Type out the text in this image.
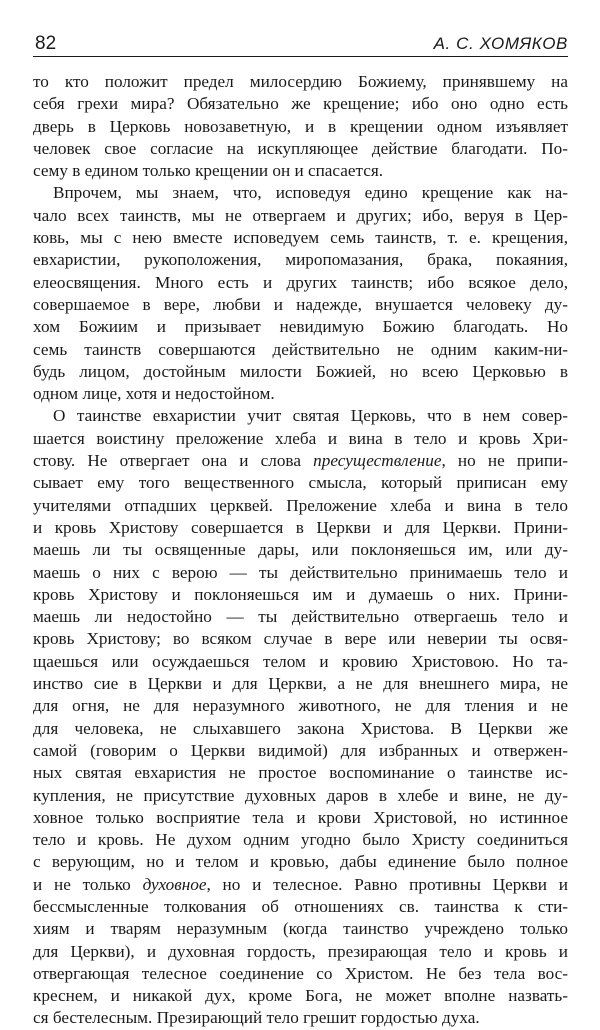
82	А. С. ХОМЯКОВ

то кто положит предел милосердию Божиему, принявшему на
себя грехи мира? Обязательно же крещение; ибо оно одно есть
дверь в Церковь новозаветную, и в крещении одном изъявляет
человек свое согласие на искупляющее действие благодати. По-
сему в едином только крещении он и спасается.

Впрочем, мы знаем, что, исповедуя едино крещение как на-
чало всех таинств, мы не отвергаем и других; ибо, веруя в Цер-
ковь, мы с нею вместе исповедуем семь таинств, т. е. крещения,
евхаристии, рукоположения, миропомазания, брака, покаяния,
елеосвящения. Много есть и других таинств; ибо всякое дело,
совершаемое в вере, любви и надежде, внушается человеку ду-
хом Божиим и призывает невидимую Божию благодать. Но
семь таинств совершаются действительно не одним каким-ни-
будь лицом, достойным милости Божией, но всею Церковью в
одном лице, хотя и недостойном.

О таинстве евхаристии учит святая Церковь, что в нем совер-
шается воистину преложение хлеба и вина в тело и кровь Хри-
стову. Не отвергает она и слова пресуществление, но не припи-
сывает ему того вещественного смысла, который приписан ему
учителями отпадших церквей. Преложение хлеба и вина в тело
и кровь Христову совершается в Церкви и для Церкви. Прини-
маешь ли ты освященные дары, или поклоняешься им, или ду-
маешь о них с верою — ты действительно принимаешь тело и
кровь Христову и поклоняешься им и думаешь о них. Прини-
маешь ли недостойно — ты действительно отвергаешь тело и
кровь Христову; во всяком случае в вере или неверии ты освя-
щаешься или осуждаешься телом и кровию Христовою. Но та-
инство сие в Церкви и для Церкви, а не для внешнего мира, не
для огня, не для неразумного животного, не для тления и не
для человека, не слыхавшего закона Христова. В Церкви же
самой (говорим о Церкви видимой) для избранных и отвержен-
ных святая евхаристия не простое воспоминание о таинстве ис-
купления, не присутствие духовных даров в хлебе и вине, не ду-
ховное только восприятие тела и крови Христовой, но истинное
тело и кровь. Не духом одним угодно было Христу соединиться
с верующим, но и телом и кровью, дабы единение было полное
и не только духовное, но и телесное. Равно противны Церкви и
бессмысленные толкования об отношениях св. таинства к сти-
хиям и тварям неразумным (когда таинство учреждено только
для Церкви), и духовная гордость, презирающая тело и кровь и
отвергающая телесное соединение со Христом. Не без тела вос-
креснем, и никакой дух, кроме Бога, не может вполне назвать-
ся бестелесным. Презирающий тело грешит гордостью духа.
